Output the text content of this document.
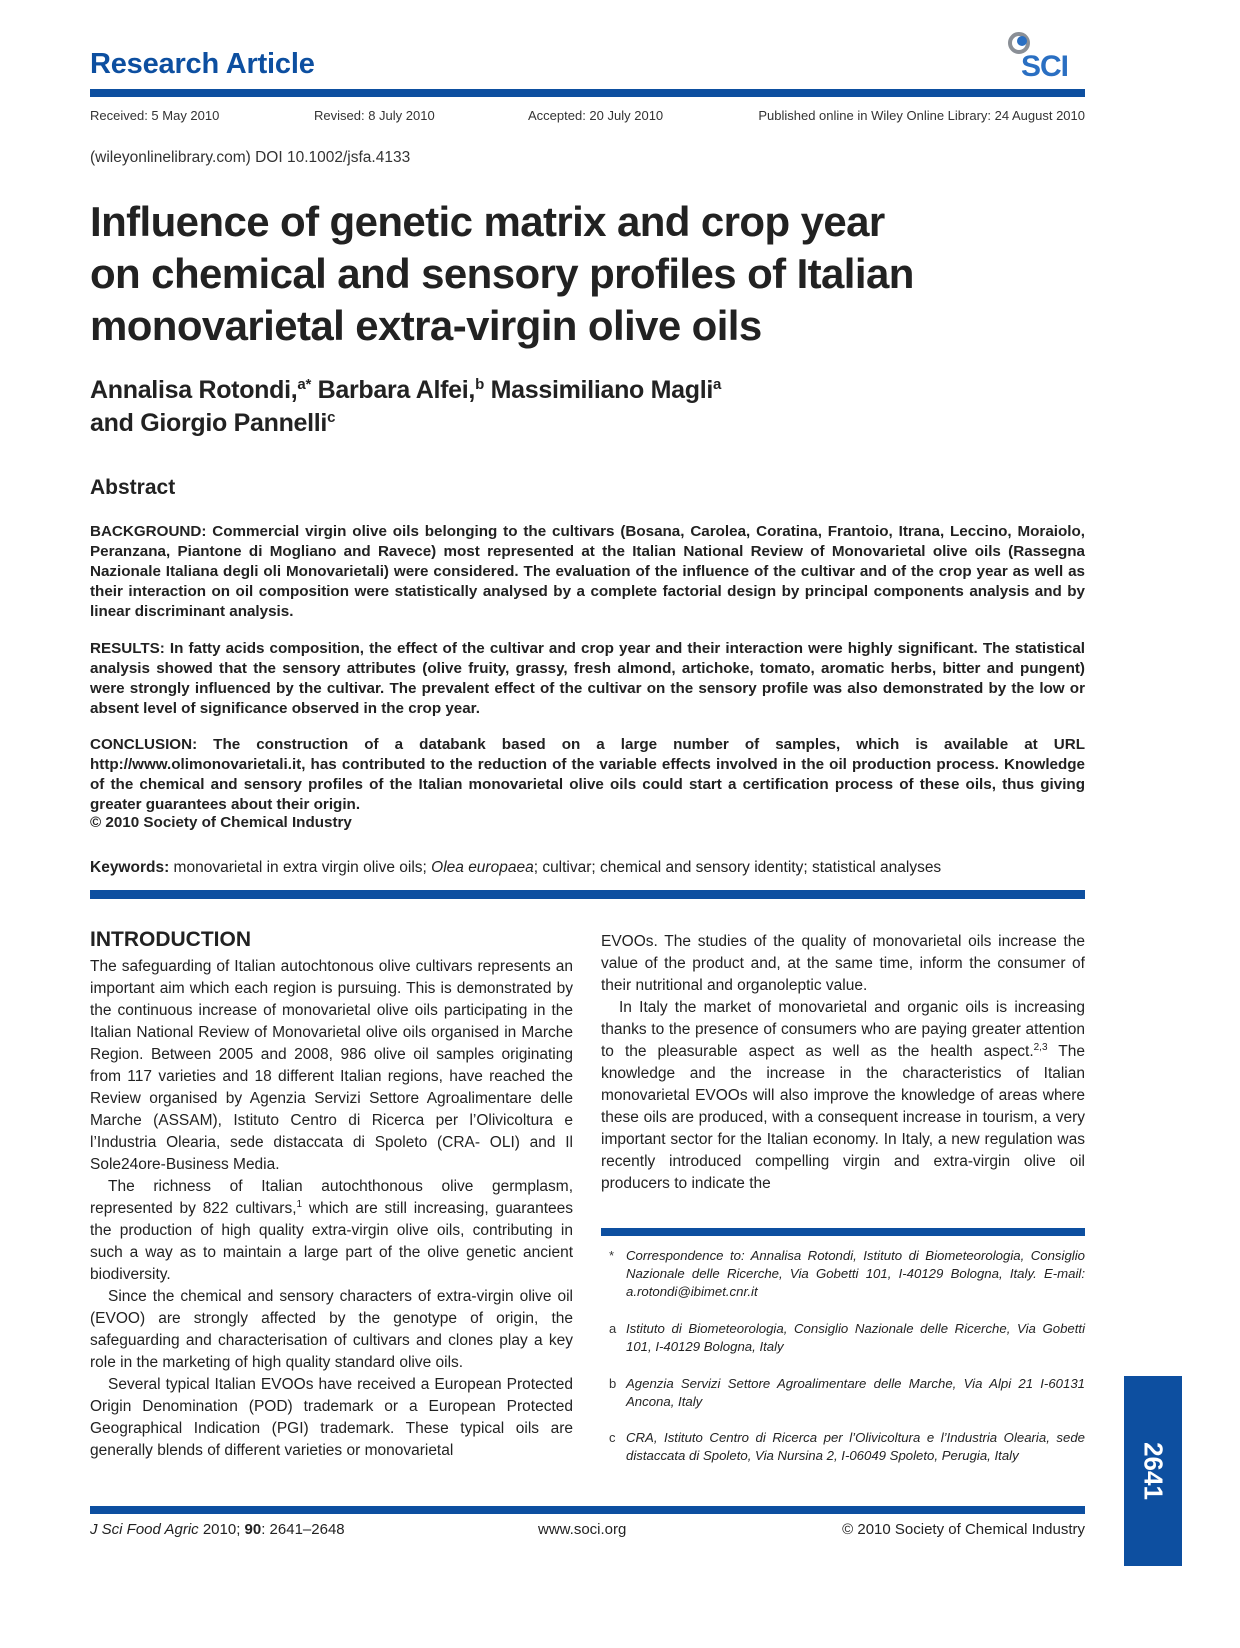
Research Article	SCI
Received: 5 May 2010	Revised: 8 July 2010	Accepted: 20 July 2010	Published online in Wiley Online Library: 24 August 2010
(wileyonlinelibrary.com) DOI 10.1002/jsfa.4133
Influence of genetic matrix and crop year
on chemical and sensory profiles of Italian
monovarietal extra-virgin olive oils
Annalisa Rotondi,$^{a*}$ Barbara Alfei,$^b$ Massimiliano Magli$^a$
and Giorgio Pannelli$^c$
Abstract
BACKGROUND: Commercial virgin olive oils belonging to the cultivars (Bosana, Carolea, Coratina, Frantoio, Itrana, Leccino, Moraiolo, Peranzana, Piantone di Mogliano and Ravece) most represented at the Italian National Review of Monovarietal olive oils (Rassegna Nazionale Italiana degli oli Monovarietali) were considered. The evaluation of the influence of the cultivar and of the crop year as well as their interaction on oil composition were statistically analysed by a complete factorial design by principal components analysis and by linear discriminant analysis.
RESULTS: In fatty acids composition, the effect of the cultivar and crop year and their interaction were highly significant. The statistical analysis showed that the sensory attributes (olive fruity, grassy, fresh almond, artichoke, tomato, aromatic herbs, bitter and pungent) were strongly influenced by the cultivar. The prevalent effect of the cultivar on the sensory profile was also demonstrated by the low or absent level of significance observed in the crop year.
CONCLUSION: The construction of a databank based on a large number of samples, which is available at URL http://www.olimonovarietali.it, has contributed to the reduction of the variable effects involved in the oil production process. Knowledge of the chemical and sensory profiles of the Italian monovarietal olive oils could start a certification process of these oils, thus giving greater guarantees about their origin.
© 2010 Society of Chemical Industry
Keywords: monovarietal in extra virgin olive oils; Olea europaea; cultivar; chemical and sensory identity; statistical analyses
INTRODUCTION

The safeguarding of Italian autochtonous olive cultivars represents an important aim which each region is pursuing. This is demonstrated by the continuous increase of monovarietal olive oils participating in the Italian National Review of Monovarietal olive oils organised in Marche Region. Between 2005 and 2008, 986 olive oil samples originating from 117 varieties and 18 different Italian regions, have reached the Review organised by Agenzia Servizi Settore Agroalimentare delle Marche (ASSAM), Istituto Centro di Ricerca per l’Olivicoltura e l’Industria Olearia, sede distaccata di Spoleto (CRA- OLI) and Il Sole24ore-Business Media.

The richness of Italian autochthonous olive germplasm, represented by 822 cultivars,$^1$ which are still increasing, guarantees the production of high quality extra-virgin olive oils, contributing in such a way as to maintain a large part of the olive genetic ancient biodiversity.

Since the chemical and sensory characters of extra-virgin olive oil (EVOO) are strongly affected by the genotype of origin, the safeguarding and characterisation of cultivars and clones play a key role in the marketing of high quality standard olive oils.

Several typical Italian EVOOs have received a European Protected Origin Denomination (POD) trademark or a European Protected Geographical Indication (PGI) trademark. These typical oils are generally blends of different varieties or monovarietal

EVOOs. The studies of the quality of monovarietal oils increase the value of the product and, at the same time, inform the consumer of their nutritional and organoleptic value.

In Italy the market of monovarietal and organic oils is increasing thanks to the presence of consumers who are paying greater attention to the pleasurable aspect as well as the health aspect.$^{2,3}$ The knowledge and the increase in the characteristics of Italian monovarietal EVOOs will also improve the knowledge of areas where these oils are produced, with a consequent increase in tourism, a very important sector for the Italian economy. In Italy, a new regulation was recently introduced compelling virgin and extra-virgin olive oil producers to indicate the

* Correspondence to: Annalisa Rotondi, Istituto di Biometeorologia, Consiglio Nazionale delle Ricerche, Via Gobetti 101, I-40129 Bologna, Italy. E-mail: a.rotondi@ibimet.cnr.it
a Istituto di Biometeorologia, Consiglio Nazionale delle Ricerche, Via Gobetti 101, I-40129 Bologna, Italy
b Agenzia Servizi Settore Agroalimentare delle Marche, Via Alpi 21 I-60131 Ancona, Italy
c CRA, Istituto Centro di Ricerca per l’Olivicoltura e l’Industria Olearia, sede distaccata di Spoleto, Via Nursina 2, I-06049 Spoleto, Perugia, Italy	2641
J Sci Food Agric 2010; 90: 2641–2648	www.soci.org	© 2010 Society of Chemical Industry
